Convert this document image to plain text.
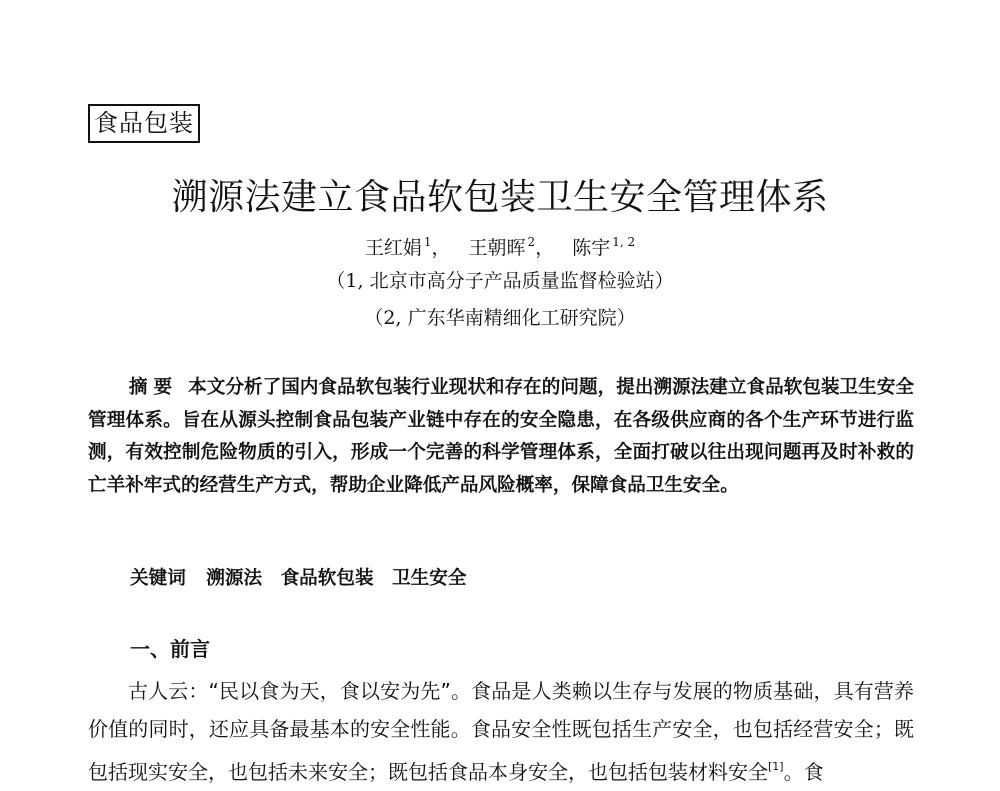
食品包装
溯源法建立食品软包装卫生安全管理体系
王红娟 $^1$， 王朝晖 $^2$， 陈宇 $^{1, 2}$
（1, 北京市高分子产品质量监督检验站）
（2, 广东华南精细化工研究院）
摘要 本文分析了国内食品软包装行业现状和存在的问题，提出溯源法建立食品软包装卫生安全管理体系。旨在从源头控制食品包装产业链中存在的安全隐患，在各级供应商的各个生产环节进行监测，有效控制危险物质的引入，形成一个完善的科学管理体系，全面打破以往出现问题再及时补救的亡羊补牢式的经营生产方式，帮助企业降低产品风险概率，保障食品卫生安全。
关键词 溯源法 食品软包装 卫生安全
一、前言
古人云：“民以食为天，食以安为先”。食品是人类赖以生存与发展的物质基础，具有营养价值的同时，还应具备最基本的安全性能。食品安全性既包括生产安全，也包括经营安全；既包括现实安全，也包括未来安全；既包括食品本身安全，也包括包装材料安全[1]。食
